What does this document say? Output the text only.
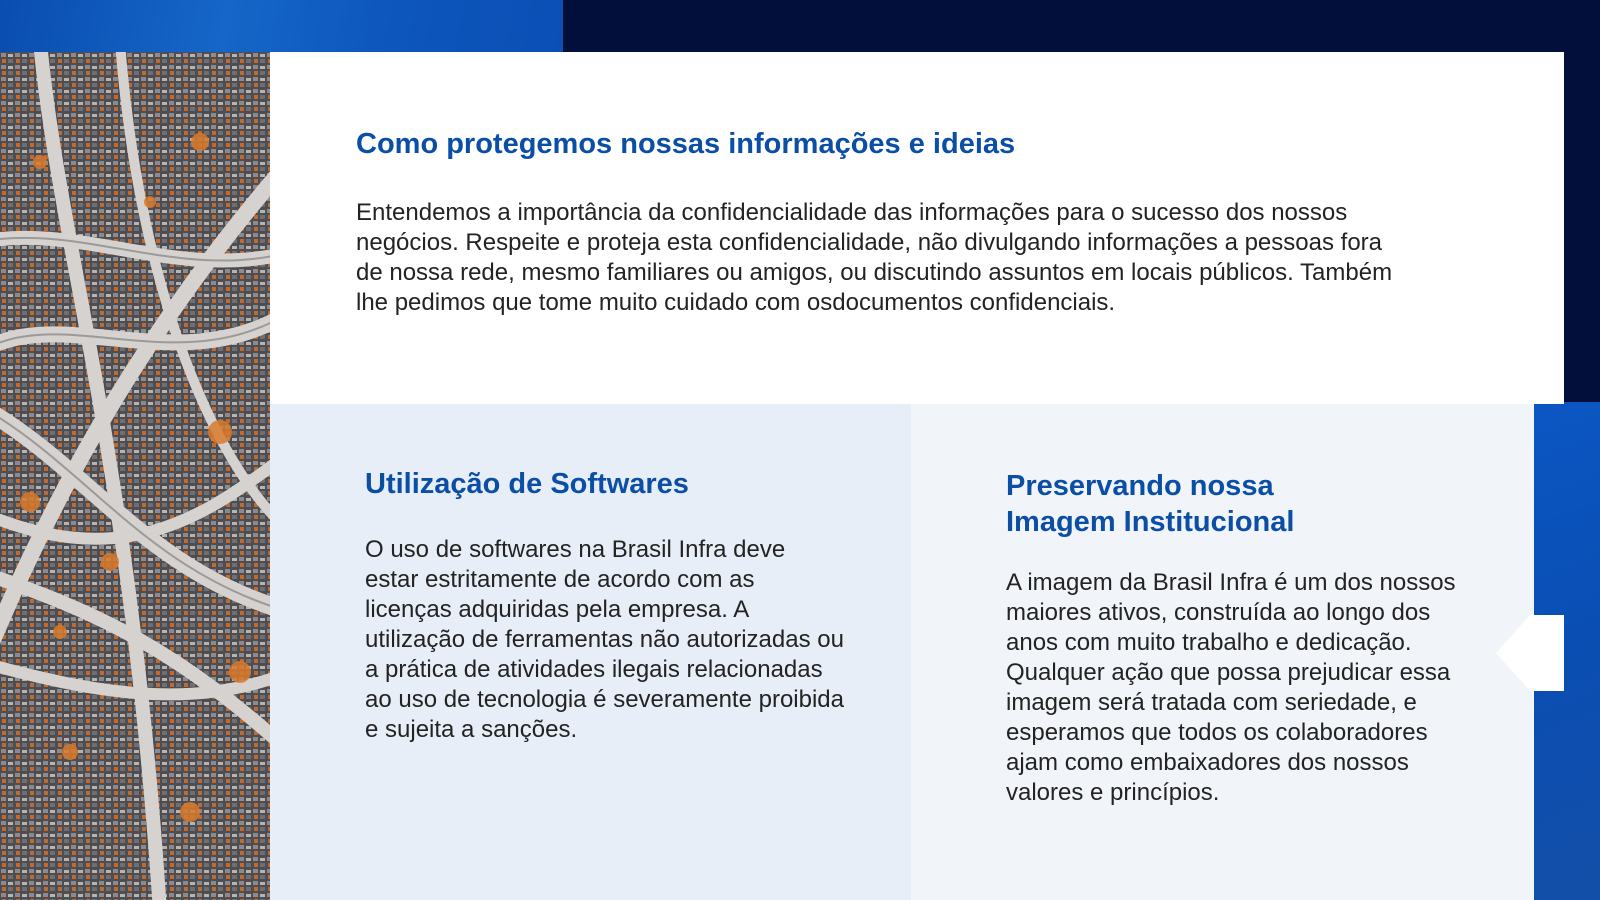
Como protegemos nossas informações e ideias

Entendemos a importância da confidencialidade das informações para o sucesso dos nossos negócios. Respeite e proteja esta confidencialidade, não divulgando informações a pessoas fora de nossa rede, mesmo familiares ou amigos, ou discutindo assuntos em locais públicos. Também lhe pedimos que tome muito cuidado com osdocumentos confidenciais.

Utilização de Softwares

O uso de softwares na Brasil Infra deve estar estritamente de acordo com as licenças adquiridas pela empresa. A utilização de ferramentas não autorizadas ou a prática de atividades ilegais relacionadas ao uso de tecnologia é severamente proibida e sujeita a sanções.

Preservando nossa Imagem Institucional

A imagem da Brasil Infra é um dos nossos maiores ativos, construída ao longo dos anos com muito trabalho e dedicação. Qualquer ação que possa prejudicar essa imagem será tratada com seriedade, e esperamos que todos os colaboradores ajam como embaixadores dos nossos valores e princípios.
